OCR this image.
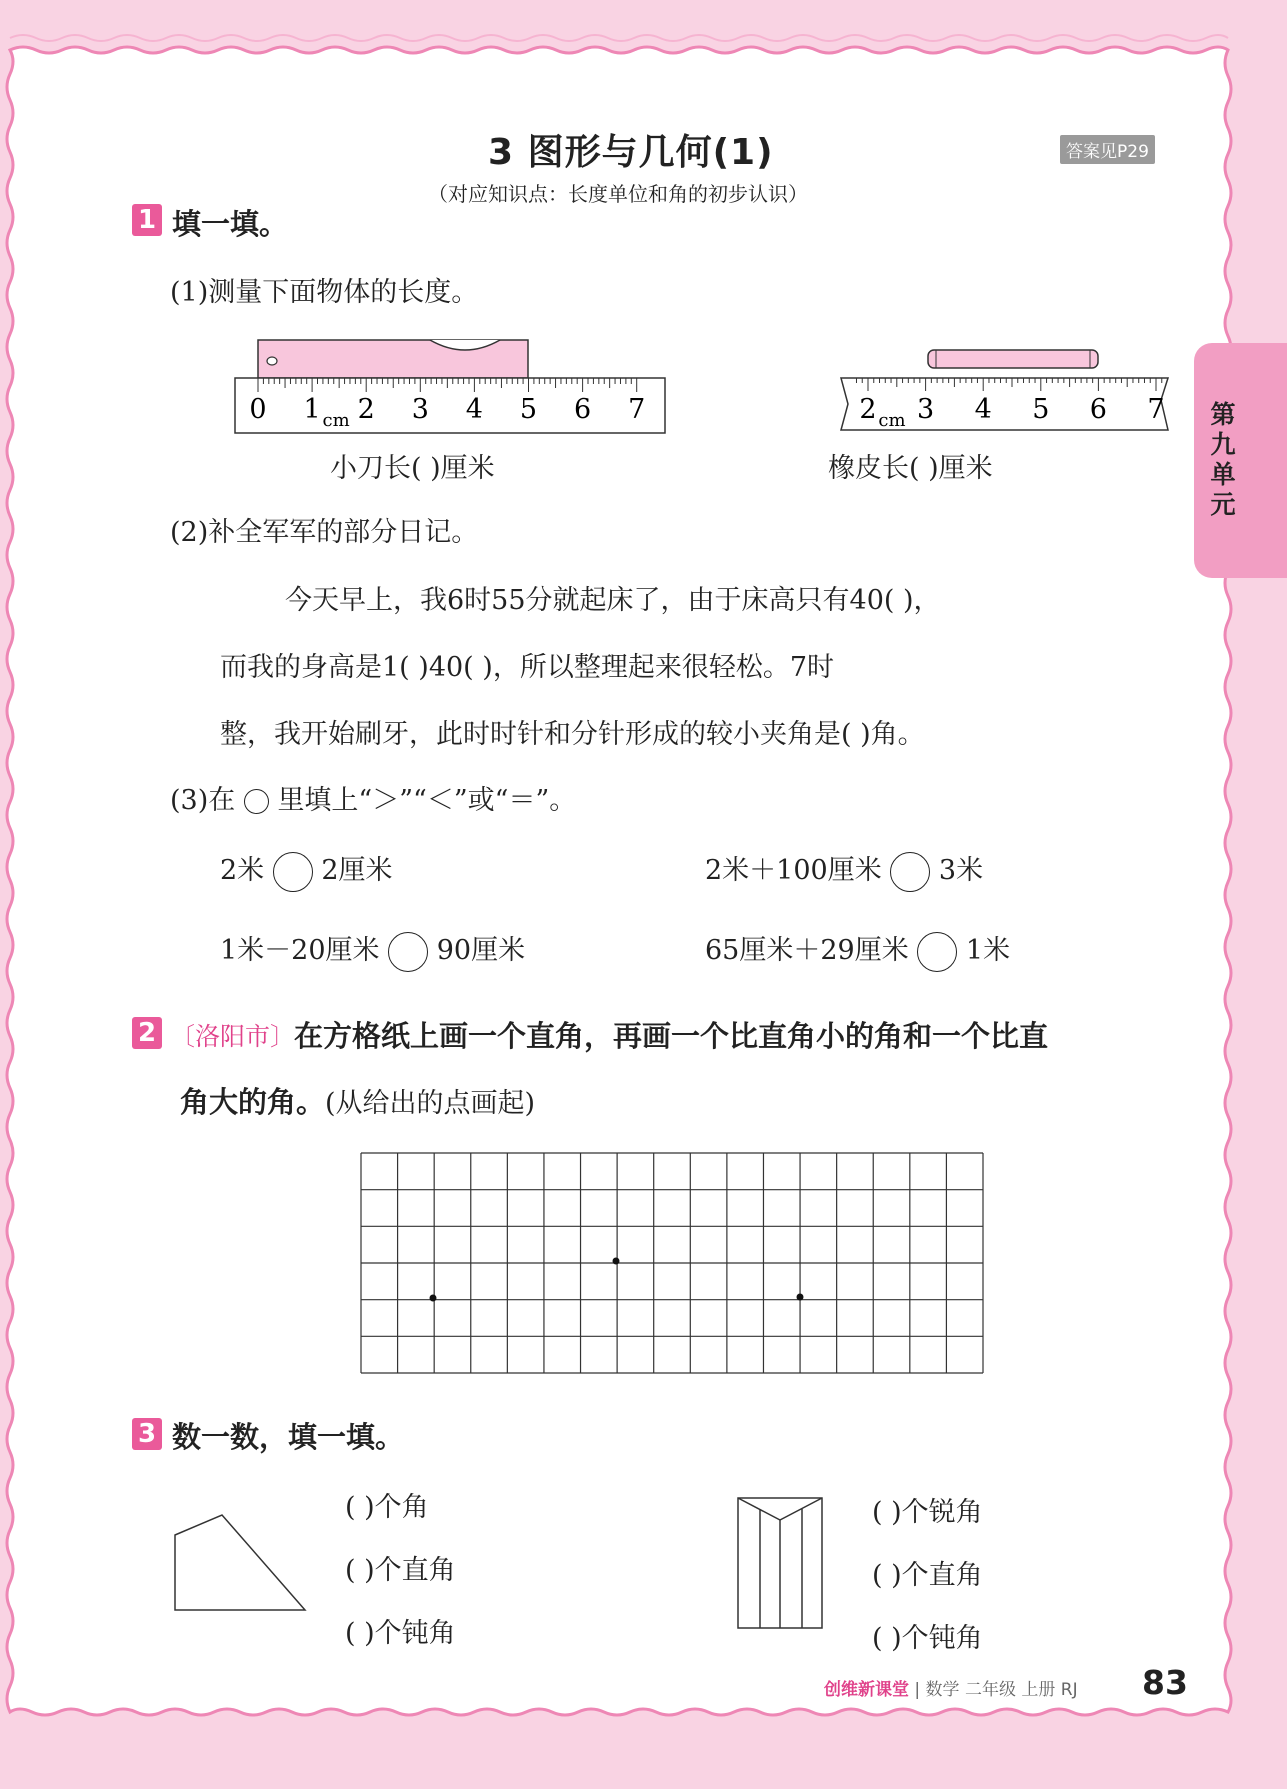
第九单元
3 图形与几何(1)	答案见P29
（对应知识点：长度单位和角的初步认识）
1 填一填。
(1)测量下面物体的长度。
0 1 cm 2 3 4 5 6 7
小刀长( )厘米
2 cm 3 4 5 6 7
橡皮长( )厘米
(2)补全军军的部分日记。
今天早上，我6时55分就起床了，由于床高只有40( )，
而我的身高是1( )40( )，所以整理起来很轻松。7时
整，我开始刷牙，此时时针和分针形成的较小夹角是( )角。
(3)在 里填上“＞”“＜”或“＝”。
2米 2厘米	2米＋100厘米 3米
1米－20厘米 90厘米	65厘米＋29厘米 1米
2 〔洛阳市〕
在方格纸上画一个直角，再画一个比直角小的角和一个比直
角大的角。(从给出的点画起)
3 数一数，填一填。
( )个角
( )个直角
( )个钝角
( )个锐角
( )个直角
( )个钝角
创维新课堂 | 数学 二年级 上册 RJ 83
